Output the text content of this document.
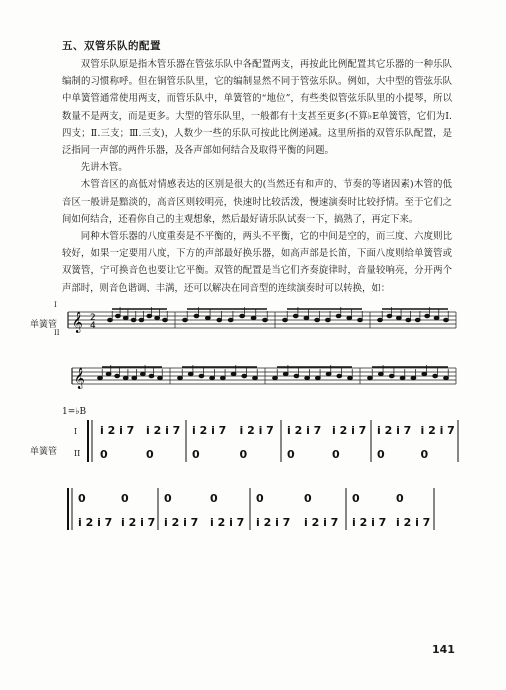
五、双管乐队的配置

双管乐队原是指木管乐器在管弦乐队中各配置两支，再按此比例配置其它乐器的一种乐队编制的习惯称呼。但在铜管乐队里，它的编制显然不同于管弦乐队。例如，大中型的管弦乐队中单簧管通常使用两支，而管乐队中，单簧管的“地位”，有些类似管弦乐队里的小提琴，所以数量不是两支，而是更多。大型的管乐队里，一般都有十支甚至更多(不算♭E单簧管，它们为Ⅰ.四支；Ⅱ.三支；Ⅲ.三支)，人数少一些的乐队可按此比例递减。这里所指的双管乐队配置，是泛指同一声部的两件乐器，及各声部如何结合及取得平衡的问题。

先讲木管。

木管音区的高低对情感表达的区别是很大的(当然还有和声的、节奏的等诸因素)木管的低音区一般讲是黯淡的，高音区则较明亮，快速时比较活泼，慢速演奏时比较抒情。至于它们之间如何结合，还看你自己的主观想象，然后最好请乐队试奏一下，搞熟了，再定下来。

同种木管乐器的八度重奏是不平衡的，两头不平衡，它的中间是空的，而三度、六度则比较好，如果一定要用八度，下方的声部最好换乐器，如高声部是长笛，下面八度则给单簧管或双簧管，宁可换音色也要让它平衡。双管的配置是当它们齐奏旋律时，音量较响亮，分开两个声部时，则音色谐调、丰满，还可以解决在同音型的连续演奏时可以转换，如：

单簧管 𝄞 2
4
I
II
𝄞
1=♭B
单簧管
I
II
i 2 i 7
0
i 2 i 7
0
i 2 i 7
0
i 2 i 7
0
i 2 i 7
0
i 2 i 7
0
i 2 i 7
0
i 2 i 7
0
0
i 2 i 7
0
i 2 i 7
0
i 2 i 7
0
i 2 i 7
0
i 2 i 7
0
i 2 i 7
0
i 2 i 7
0
i 2 i 7
141
